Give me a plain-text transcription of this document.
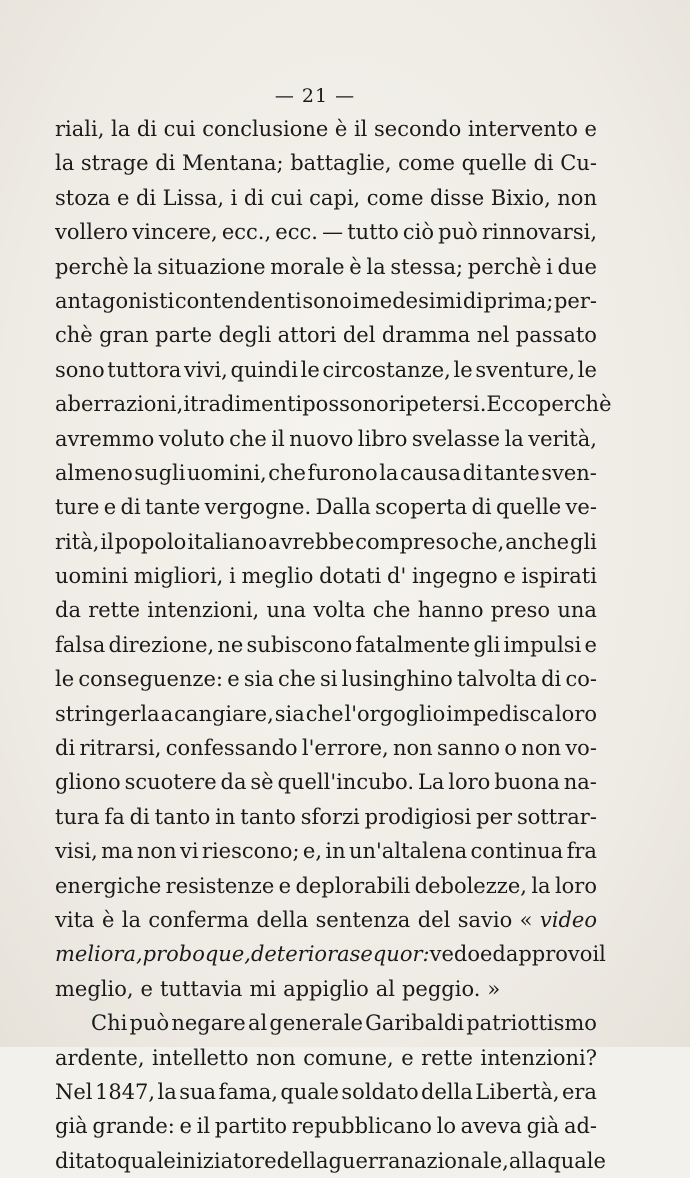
— 21 —
riali, la di cui conclusione è il secondo intervento e
la strage di Mentana; battaglie, come quelle di Cu-
stoza e di Lissa, i di cui capi, come disse Bixio, non
vollero vincere, ecc., ecc. — tutto ciò può rinnovarsi,
perchè la situazione morale è la stessa; perchè i due
antagonisti contendenti sono i medesimi di prima; per-
chè gran parte degli attori del dramma nel passato
sono tuttora vivi, quindi le circostanze, le sventure, le
aberrazioni, i tradimenti possono ripetersi. Ecco perchè
avremmo voluto che il nuovo libro svelasse la verità,
almeno sugli uomini, che furono la causa di tante sven-
ture e di tante vergogne. Dalla scoperta di quelle ve-
rità, il popolo italiano avrebbe compreso che, anche gli
uomini migliori, i meglio dotati d' ingegno e ispirati
da rette intenzioni, una volta che hanno preso una
falsa direzione, ne subiscono fatalmente gli impulsi e
le conseguenze: e sia che si lusinghino talvolta di co-
stringerla a cangiare, sia che l'orgoglio impedisca loro
di ritrarsi, confessando l'errore, non sanno o non vo-
gliono scuotere da sè quell'incubo. La loro buona na-
tura fa di tanto in tanto sforzi prodigiosi per sottrar-
visi, ma non vi riescono; e, in un'altalena continua fra
energiche resistenze e deplorabili debolezze, la loro
vita è la conferma della sentenza del savio « video
meliora, proboque, deteriora sequor: vedo ed approvo il
meglio, e tuttavia mi appiglio al peggio. »
Chi può negare al generale Garibaldi patriottismo
ardente, intelletto non comune, e rette intenzioni?
Nel 1847, la sua fama, quale soldato della Libertà, era
già grande: e il partito repubblicano lo aveva già ad-
ditato quale iniziatore della guerra nazionale, alla quale
